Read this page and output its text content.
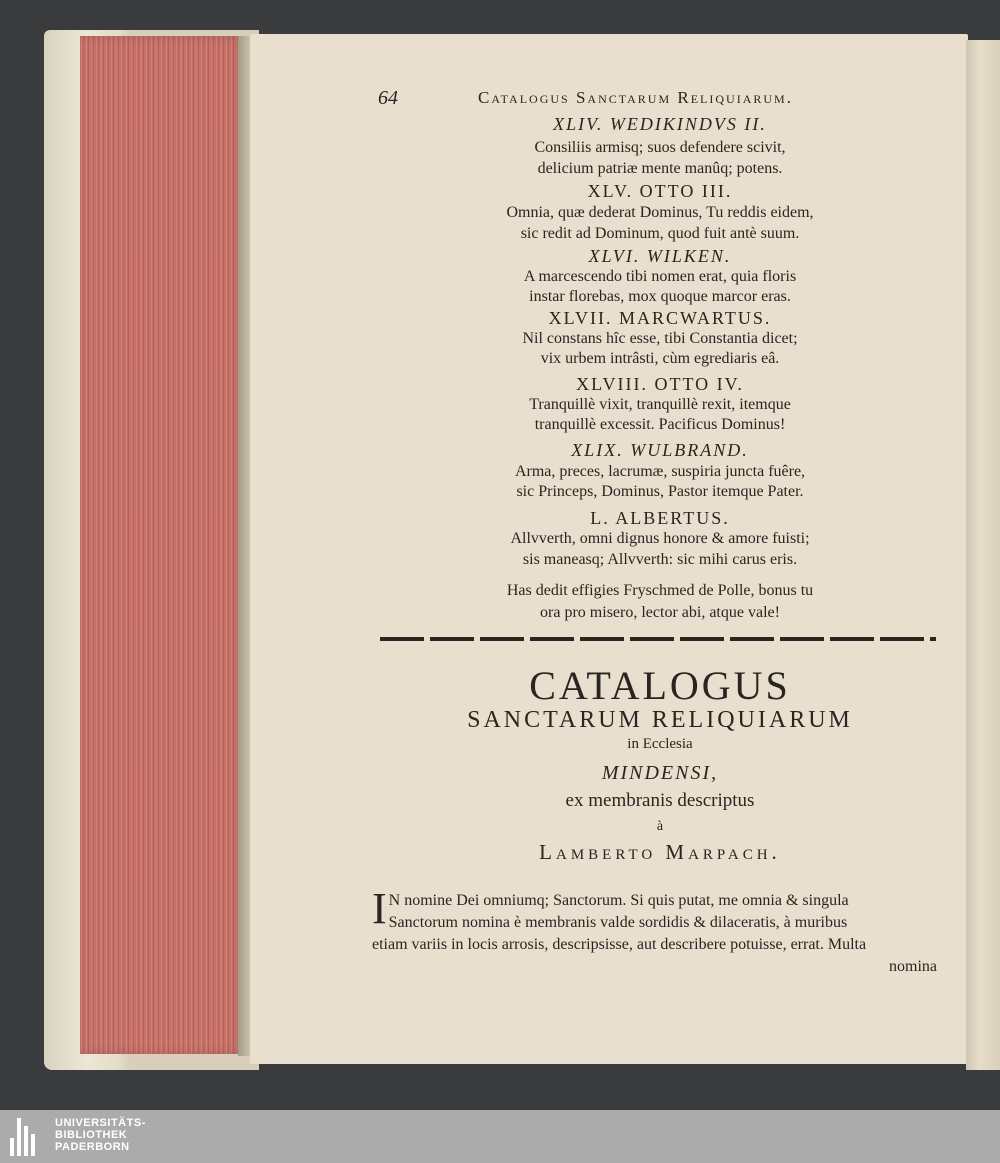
64	Catalogus Sanctarum Reliquiarum.
XLIV. WEDIKINDVS II.
Consiliis armisq; suos defendere scivit,
delicium patriæ mente manûq; potens.
XLV. OTTO III.
Omnia, quæ dederat Dominus, Tu reddis eidem,
sic redit ad Dominum, quod fuit antè suum.
XLVI. WILKEN.
A marcescendo tibi nomen erat, quia floris
instar florebas, mox quoque marcor eras.
XLVII. MARCWARTUS.
Nil constans hîc esse, tibi Constantia dicet;
vix urbem intrâsti, cùm egrediaris eâ.
XLVIII. OTTO IV.
Tranquillè vixit, tranquillè rexit, itemque
tranquillè excessit. Pacificus Dominus!
XLIX. WULBRAND.
Arma, preces, lacrumæ, suspiria juncta fuêre,
sic Princeps, Dominus, Pastor itemque Pater.
L. ALBERTUS.
Allvverth, omni dignus honore & amore fuisti;
sis maneasq; Allvverth: sic mihi carus eris.
Has dedit effigies Fryschmed de Polle, bonus tu
ora pro misero, lector abi, atque vale!
CATALOGUS
SANCTARUM RELIQUIARUM
in Ecclesia
MINDENSI,
ex membranis descriptus
à
Lamberto Marpach.
I N nomine Dei omniumq; Sanctorum. Si quis putat, me omnia & singula
Sanctorum nomina è membranis valde sordidis & dilaceratis, à muribus
etiam variis in locis arrosis, descripsisse, aut describere potuisse, errat. Multa
nomina
UNIVERSITÄTS-
BIBLIOTHEK
PADERBORN
